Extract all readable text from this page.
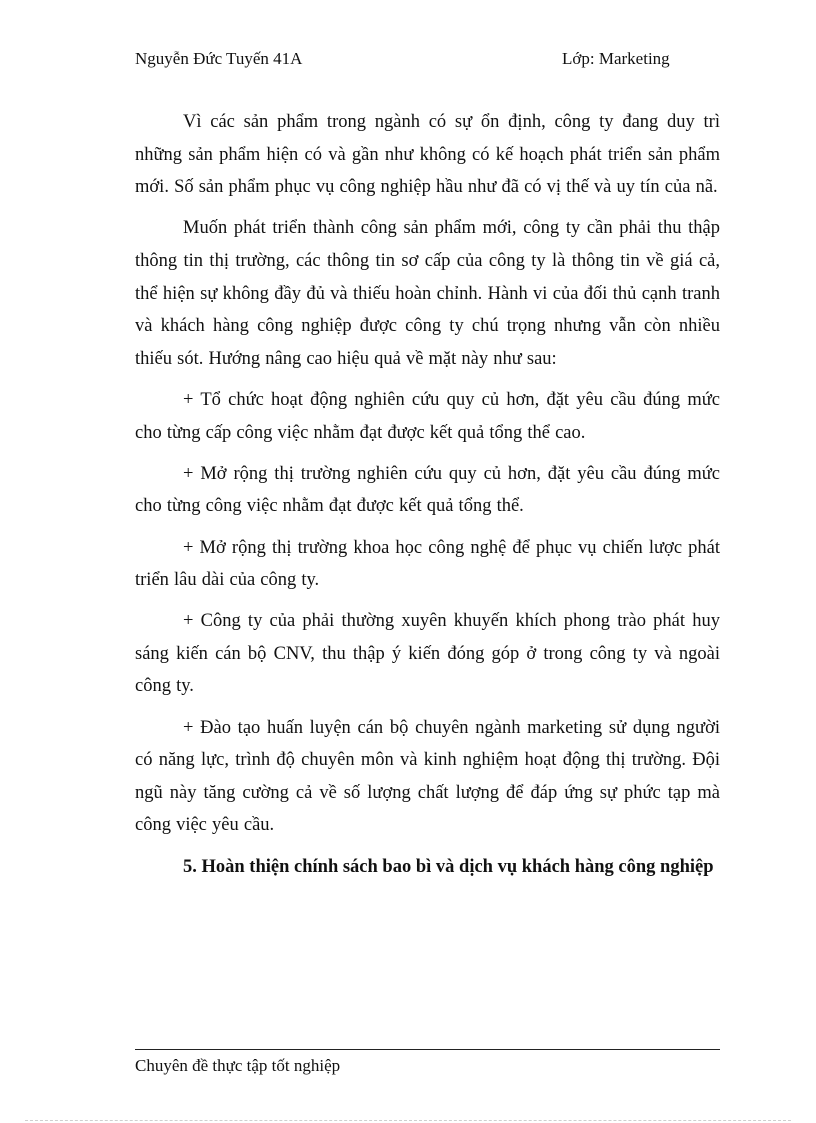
Nguyễn Đức Tuyến 41A	Lớp: Marketing

Vì các sản phẩm trong ngành có sự ổn định, công ty đang duy trì những sản phẩm hiện có và gần như không có kế hoạch phát triển sản phẩm mới. Số sản phẩm phục vụ công nghiệp hầu như đã có vị thế và uy tín của nã.

Muốn phát triển thành công sản phẩm mới, công ty cần phải thu thập thông tin thị trường, các thông tin sơ cấp của công ty là thông tin về giá cả, thể hiện sự không đầy đủ và thiếu hoàn chỉnh. Hành vi của đối thủ cạnh tranh và khách hàng công nghiệp được công ty chú trọng nhưng vẫn còn nhiều thiếu sót. Hướng nâng cao hiệu quả về mặt này như sau:

+ Tổ chức hoạt động nghiên cứu quy củ hơn, đặt yêu cầu đúng mức cho từng cấp công việc nhằm đạt được kết quả tổng thể cao.

+ Mở rộng thị trường nghiên cứu quy củ hơn, đặt yêu cầu đúng mức cho từng công việc nhằm đạt được kết quả tổng thể.

+ Mở rộng thị trường khoa học công nghệ để phục vụ chiến lược phát triển lâu dài của công ty.

+ Công ty của phải thường xuyên khuyến khích phong trào phát huy sáng kiến cán bộ CNV, thu thập ý kiến đóng góp ở trong công ty và ngoài công ty.

+ Đào tạo huấn luyện cán bộ chuyên ngành marketing sử dụng người có năng lực, trình độ chuyên môn và kinh nghiệm hoạt động thị trường. Đội ngũ này tăng cường cả về số lượng chất lượng để đáp ứng sự phức tạp mà công việc yêu cầu.

5. Hoàn thiện chính sách bao bì và dịch vụ khách hàng công nghiệp

Chuyên đề thực tập tốt nghiệp
